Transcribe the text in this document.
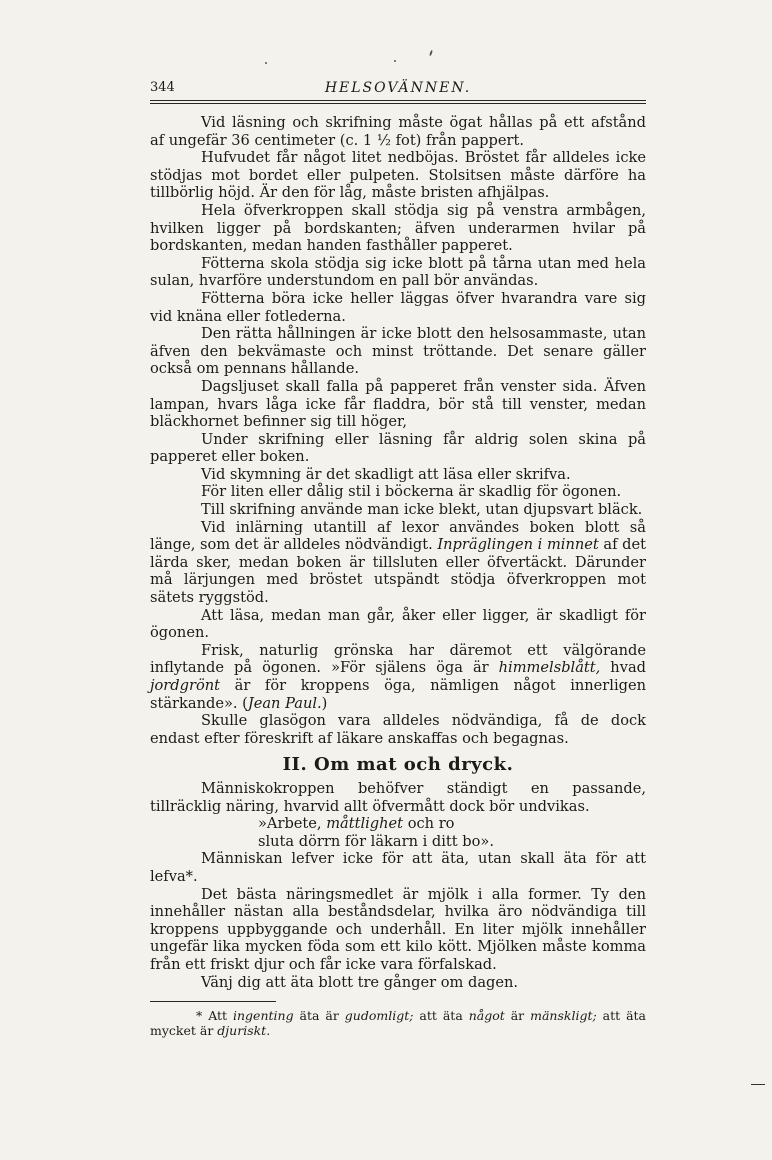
344	HELSOVÄNNEN.

Vid läsning och skrifning måste ögat hållas på ett afstånd af ungefär 36 centimeter (c. 1 ½ fot) från pappert.

Hufvudet får något litet nedböjas. Bröstet får alldeles icke stödjas mot bordet eller pulpeten. Stolsitsen måste därföre ha tillbörlig höjd. Är den för låg, måste bristen afhjälpas.

Hela öfverkroppen skall stödja sig på venstra armbågen, hvilken ligger på bordskanten; äfven underarmen hvilar på bordskanten, medan handen fasthåller papperet.

Fötterna skola stödja sig icke blott på tårna utan med hela sulan, hvarföre understundom en pall bör användas.

Fötterna böra icke heller läggas öfver hvarandra vare sig vid knäna eller fotlederna.

Den rätta hållningen är icke blott den helsosammaste, utan äfven den bekvämaste och minst tröttande. Det senare gäller också om pennans hållande.

Dagsljuset skall falla på papperet från venster sida. Äfven lampan, hvars låga icke får fladdra, bör stå till venster, medan bläckhornet befinner sig till höger,

Under skrifning eller läsning får aldrig solen skina på papperet eller boken.

Vid skymning är det skadligt att läsa eller skrifva.

För liten eller dålig stil i böckerna är skadlig för ögonen.

Till skrifning använde man icke blekt, utan djupsvart bläck.

Vid inlärning utantill af lexor användes boken blott så länge, som det är alldeles nödvändigt. Inpräglingen i minnet af det lärda sker, medan boken är tillsluten eller öfvertäckt. Därunder må lärjungen med bröstet utspändt stödja öfverkroppen mot sätets ryggstöd.

Att läsa, medan man går, åker eller ligger, är skadligt för ögonen.

Frisk, naturlig grönska har däremot ett välgörande inflytande på ögonen. »För själens öga är himmelsblått, hvad jordgrönt är för kroppens öga, nämligen något innerligen stärkande». (Jean Paul.)

Skulle glasögon vara alldeles nödvändiga, få de dock endast efter föreskrift af läkare anskaffas och begagnas.

II. Om mat och dryck.

Människokroppen behöfver ständigt en passande, tillräcklig näring, hvarvid allt öfvermått dock bör undvikas.

»Arbete, måttlighet och ro

sluta dörrn för läkarn i ditt bo».

Människan lefver icke för att äta, utan skall äta för att lefva*.

Det bästa näringsmedlet är mjölk i alla former. Ty den innehåller nästan alla beståndsdelar, hvilka äro nödvändiga till kroppens uppbyggande och underhåll. En liter mjölk innehåller ungefär lika mycken föda som ett kilo kött. Mjölken måste komma från ett friskt djur och får icke vara förfalskad.

Vänj dig att äta blott tre gånger om dagen.

* Att ingenting äta är gudomligt; att äta något är mänskligt; att äta mycket är djuriskt.
